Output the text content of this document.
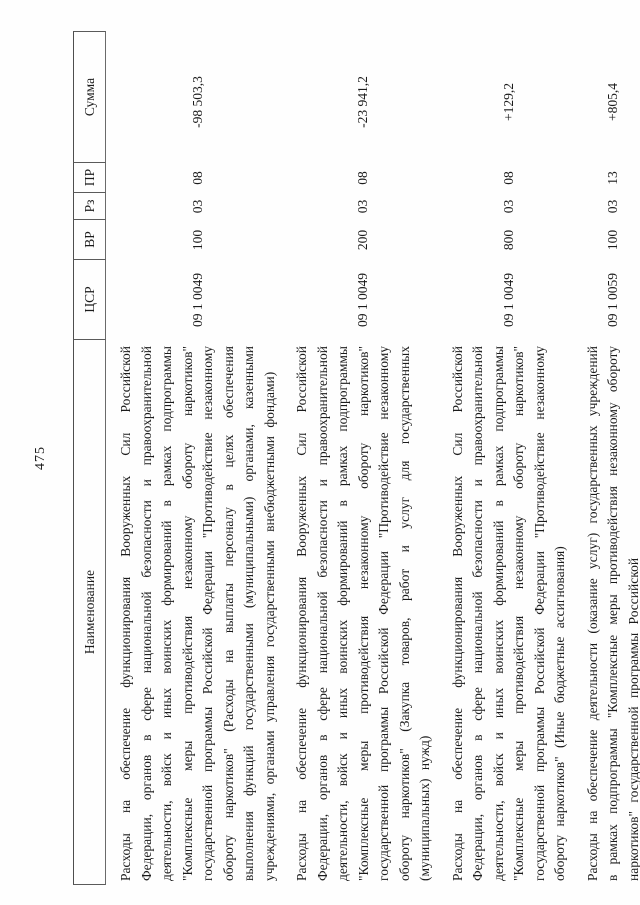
475
Наименование
ЦСР
ВР
Рз
ПР
Сумма
Расходы на обеспечение функционирования Вооруженных Сил Российской Федерации, органов в сфере национальной безопасности и правоохранительной деятельности, войск и иных воинских формирований в рамках подпрограммы "Комплексные меры противодействия незаконному обороту наркотиков" государственной программы Российской Федерации "Противодействие незаконному обороту наркотиков" (Расходы на выплаты персоналу в целях обеспечения выполнения функций государственными (муниципальными) органами, казенными учреждениями, органами управления государственными внебюджетными фондами)
09 1 0049
100
03
08
-98 503,3
Расходы на обеспечение функционирования Вооруженных Сил Российской Федерации, органов в сфере национальной безопасности и правоохранительной деятельности, войск и иных воинских формирований в рамках подпрограммы "Комплексные меры противодействия незаконному обороту наркотиков" государственной программы Российской Федерации "Противодействие незаконному обороту наркотиков" (Закупка товаров, работ и услуг для государственных (муниципальных) нужд)
09 1 0049
200
03
08
-23 941,2
Расходы на обеспечение функционирования Вооруженных Сил Российской Федерации, органов в сфере национальной безопасности и правоохранительной деятельности, войск и иных воинских формирований в рамках подпрограммы "Комплексные меры противодействия незаконному обороту наркотиков" государственной программы Российской Федерации "Противодействие незаконному обороту наркотиков" (Иные бюджетные ассигнования)
09 1 0049
800
03
08
+129,2
Расходы на обеспечение деятельности (оказание услуг) государственных учреждений в рамках подпрограммы "Комплексные меры противодействия незаконному обороту наркотиков" государственной программы Российской
09 1 0059
100
03
13
+805,4
